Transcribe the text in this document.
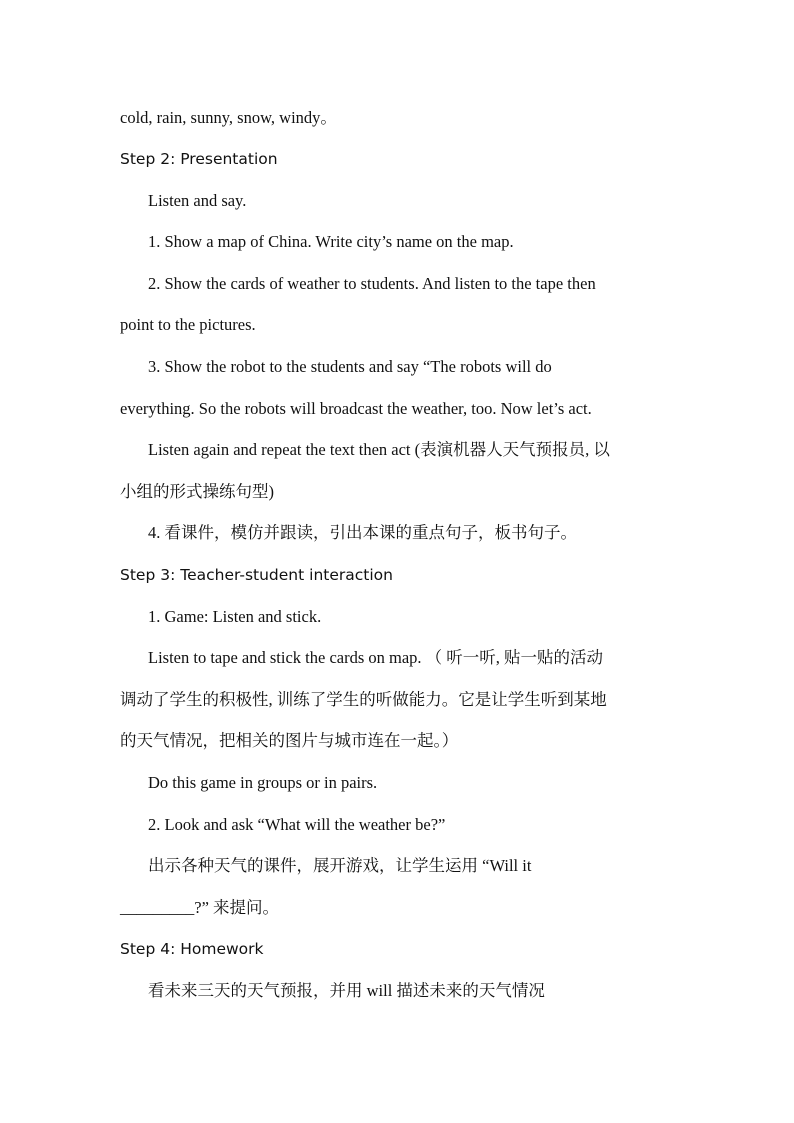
cold, rain, sunny, snow, windy。
Step 2: Presentation
Listen and say.
1. Show a map of China. Write city’s name on the map.
2. Show the cards of weather to students. And listen to the tape then
point to the pictures.
3. Show the robot to the students and say “The robots will do
everything. So the robots will broadcast the weather, too. Now let’s act.
Listen again and repeat the text then act (表演机器人天气预报员, 以
小组的形式操练句型)
4. 看课件，模仿并跟读，引出本课的重点句子，板书句子。
Step 3: Teacher-student interaction
1. Game: Listen and stick.
Listen to tape and stick the cards on map. （ 听一听, 贴一贴的活动
调动了学生的积极性, 训练了学生的听做能力。它是让学生听到某地
的天气情况，把相关的图片与城市连在一起。）
Do this game in groups or in pairs.
2. Look and ask “What will the weather be?”
出示各种天气的课件，展开游戏，让学生运用 “Will it
_________?” 来提问。
Step 4: Homework
看未来三天的天气预报，并用 will 描述未来的天气情况
